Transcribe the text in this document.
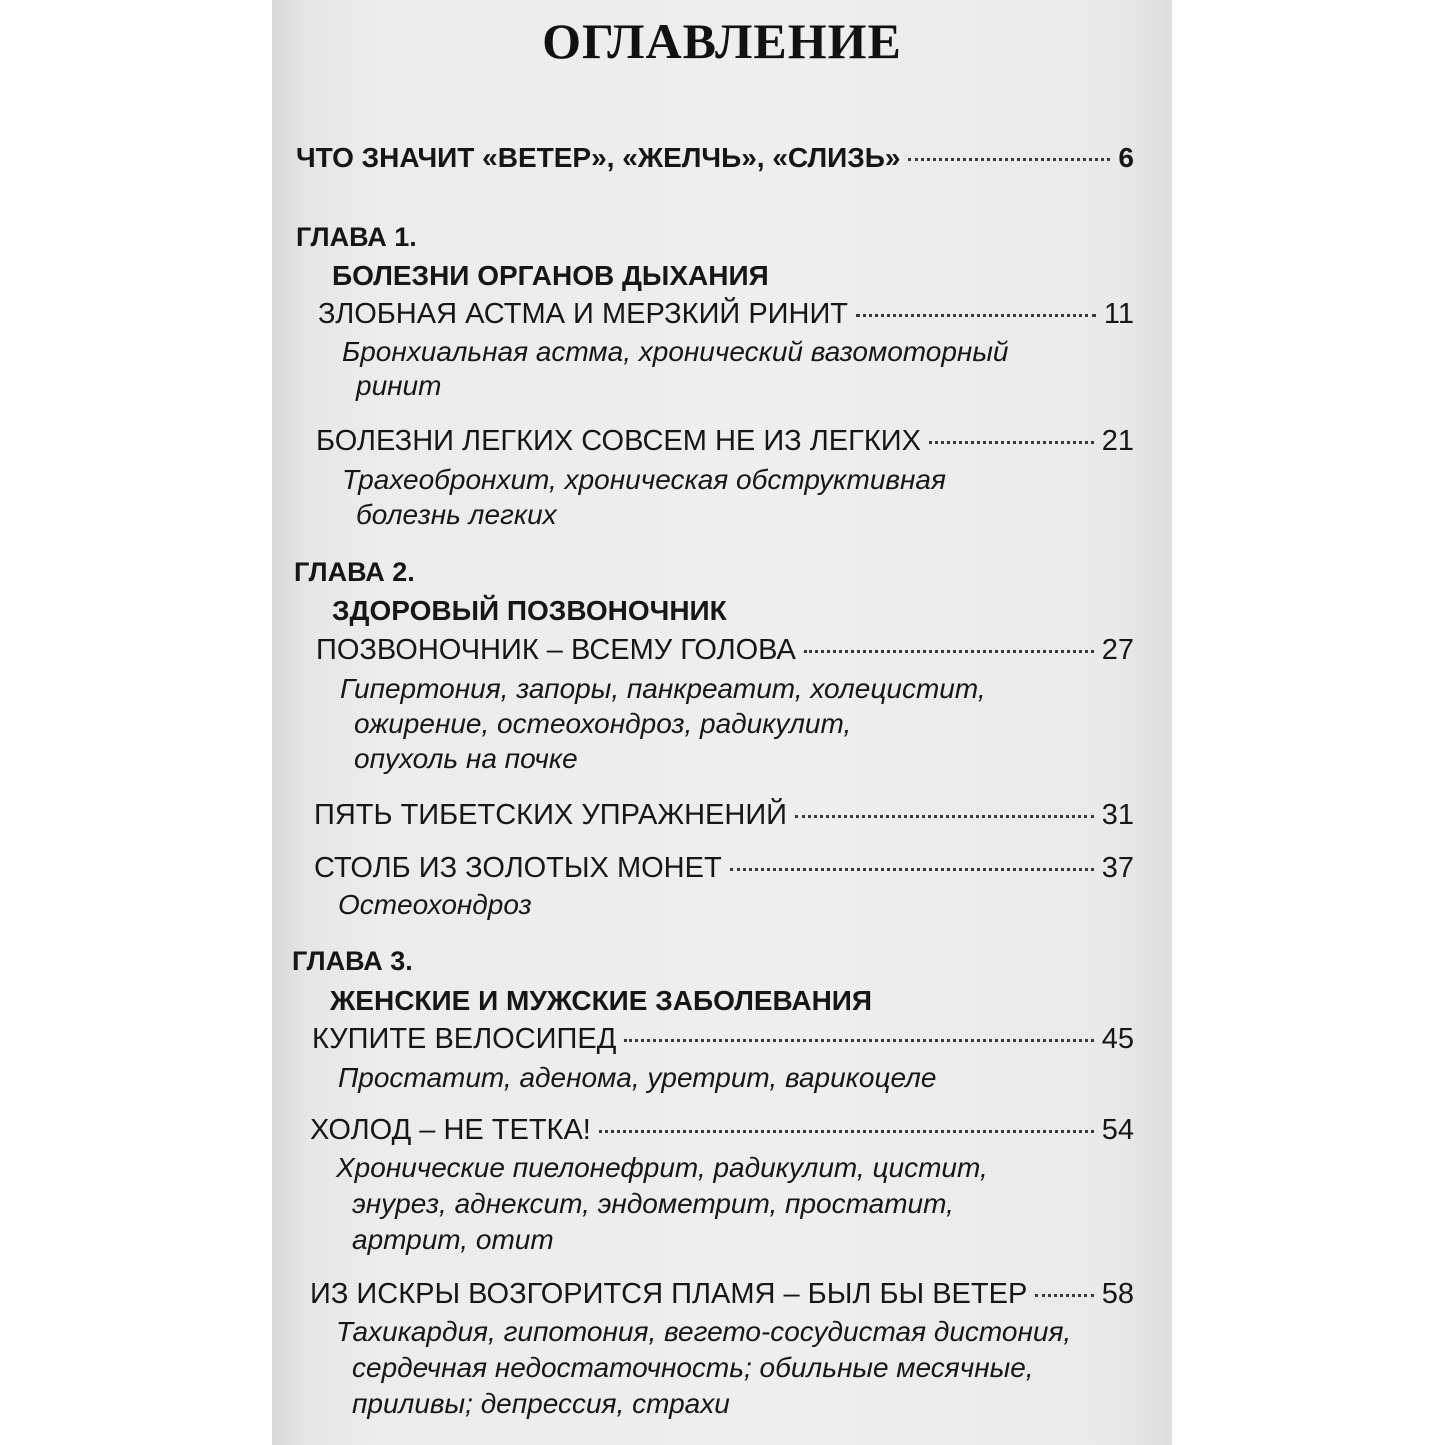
ОГЛАВЛЕНИЕ
ЧТО ЗНАЧИТ «ВЕТЕР», «ЖЕЛЧЬ», «СЛИЗЬ»	6
ГЛАВА 1.
БОЛЕЗНИ ОРГАНОВ ДЫХАНИЯ
ЗЛОБНАЯ АСТМА И МЕРЗКИЙ РИНИТ	11

Бронхиальная астма, хронический вазомоторный

ринит

БОЛЕЗНИ ЛЕГКИХ СОВСЕМ НЕ ИЗ ЛЕГКИХ	21

Трахеобронхит, хроническая обструктивная

болезнь легких

ГЛАВА 2.
ЗДОРОВЫЙ ПОЗВОНОЧНИК
ПОЗВОНОЧНИК – ВСЕМУ ГОЛОВА	27

Гипертония, запоры, панкреатит, холецистит,

ожирение, остеохондроз, радикулит,

опухоль на почке

ПЯТЬ ТИБЕТСКИХ УПРАЖНЕНИЙ	31
СТОЛБ ИЗ ЗОЛОТЫХ МОНЕТ	37

Остеохондроз

ГЛАВА 3.
ЖЕНСКИЕ И МУЖСКИЕ ЗАБОЛЕВАНИЯ
КУПИТЕ ВЕЛОСИПЕД	45

Простатит, аденома, уретрит, варикоцеле

ХОЛОД – НЕ ТЕТКА!	54

Хронические пиелонефрит, радикулит, цистит,

энурез, аднексит, эндометрит, простатит,

артрит, отит

ИЗ ИСКРЫ ВОЗГОРИТСЯ ПЛАМЯ – БЫЛ БЫ ВЕТЕР	58

Тахикардия, гипотония, вегето-сосудистая дистония,

сердечная недостаточность; обильные месячные,

приливы; депрессия, страхи
